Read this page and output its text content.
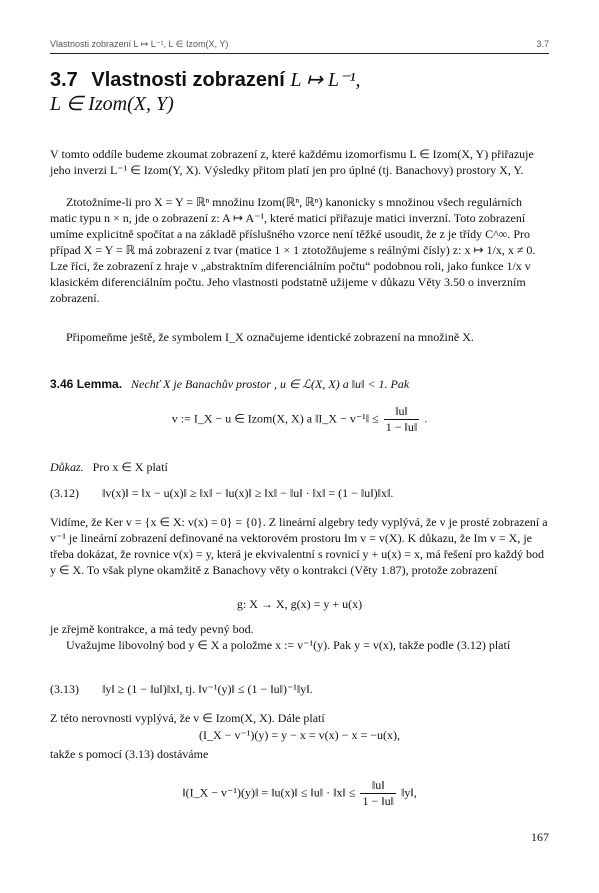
Vlastnosti zobrazení L ↦ L⁻¹, L ∈ Izom(X, Y)	3.7
3.7 Vlastnosti zobrazení L ↦ L⁻¹,
L ∈ Izom(X, Y)
V tomto oddíle budeme zkoumat zobrazení z, které každému izomorfismu L ∈ Izom(X, Y) přiřazuje jeho inverzi L⁻¹ ∈ Izom(Y, X). Výsledky přitom platí jen pro úplné (tj. Banachovy) prostory X, Y.
Ztotožníme-li pro X = Y = ℝⁿ množinu Izom(ℝⁿ, ℝⁿ) kanonicky s množinou všech regulárních matic typu n × n, jde o zobrazení z: A ↦ A⁻¹, které matici přiřazuje matici inverzní. Toto zobrazení umíme explicitně spočítat a na základě příslušného vzorce není těžké usoudit, že z je třídy C^∞. Pro případ X = Y = ℝ má zobrazení z tvar (matice 1 × 1 ztotožňujeme s reálnými čísly) z: x ↦ 1/x, x ≠ 0. Lze říci, že zobrazení z hraje v „abstraktním diferenciálním počtu“ podobnou roli, jako funkce 1/x v klasickém diferenciálním počtu. Jeho vlastnosti podstatně užijeme v důkazu Věty 3.50 o inverzním zobrazení.
Připomeňme ještě, že symbolem I_X označujeme identické zobrazení na množině X.
3.46 Lemma. Nechť X je Banachův prostor , u ∈ ℒ(X, X) a ‖u‖ < 1. Pak
v := I_X − u ∈ Izom(X, X) a ‖I_X − v⁻¹‖ ≤ $\frac{‖u‖}{1 - ‖u‖}$ .
Důkaz. Pro x ∈ X platí
(3.12) ‖v(x)‖ = ‖x − u(x)‖ ≥ ‖x‖ − ‖u(x)‖ ≥ ‖x‖ − ‖u‖ · ‖x‖ = (1 − ‖u‖)‖x‖.
Vidíme, že Ker v = {x ∈ X: v(x) = 0} = {0}. Z lineární algebry tedy vyplývá, že v je prosté zobrazení a v⁻¹ je lineární zobrazení definované na vektorovém prostoru Im v = v(X). K důkazu, že Im v = X, je třeba dokázat, že rovnice v(x) = y, která je ekvivalentní s rovnicí y + u(x) = x, má řešení pro každý bod y ∈ X. To však plyne okamžitě z Banachovy věty o kontrakci (Věty 1.87), protože zobrazení
g: X → X, g(x) = y + u(x)
je zřejmě kontrakce, a má tedy pevný bod.
Uvažujme libovolný bod y ∈ X a položme x := v⁻¹(y). Pak y = v(x), takže podle (3.12) platí
(3.13) ‖y‖ ≥ (1 − ‖u‖)‖x‖, tj. ‖v⁻¹(y)‖ ≤ (1 − ‖u‖)⁻¹‖y‖.
Z této nerovnosti vyplývá, že v ∈ Izom(X, X). Dále platí
(I_X − v⁻¹)(y) = y − x = v(x) − x = −u(x),
takže s pomocí (3.13) dostáváme
‖(I_X − v⁻¹)(y)‖ = ‖u(x)‖ ≤ ‖u‖ · ‖x‖ ≤ $\frac{‖u‖}{1 - ‖u‖}$ ‖y‖,
167
